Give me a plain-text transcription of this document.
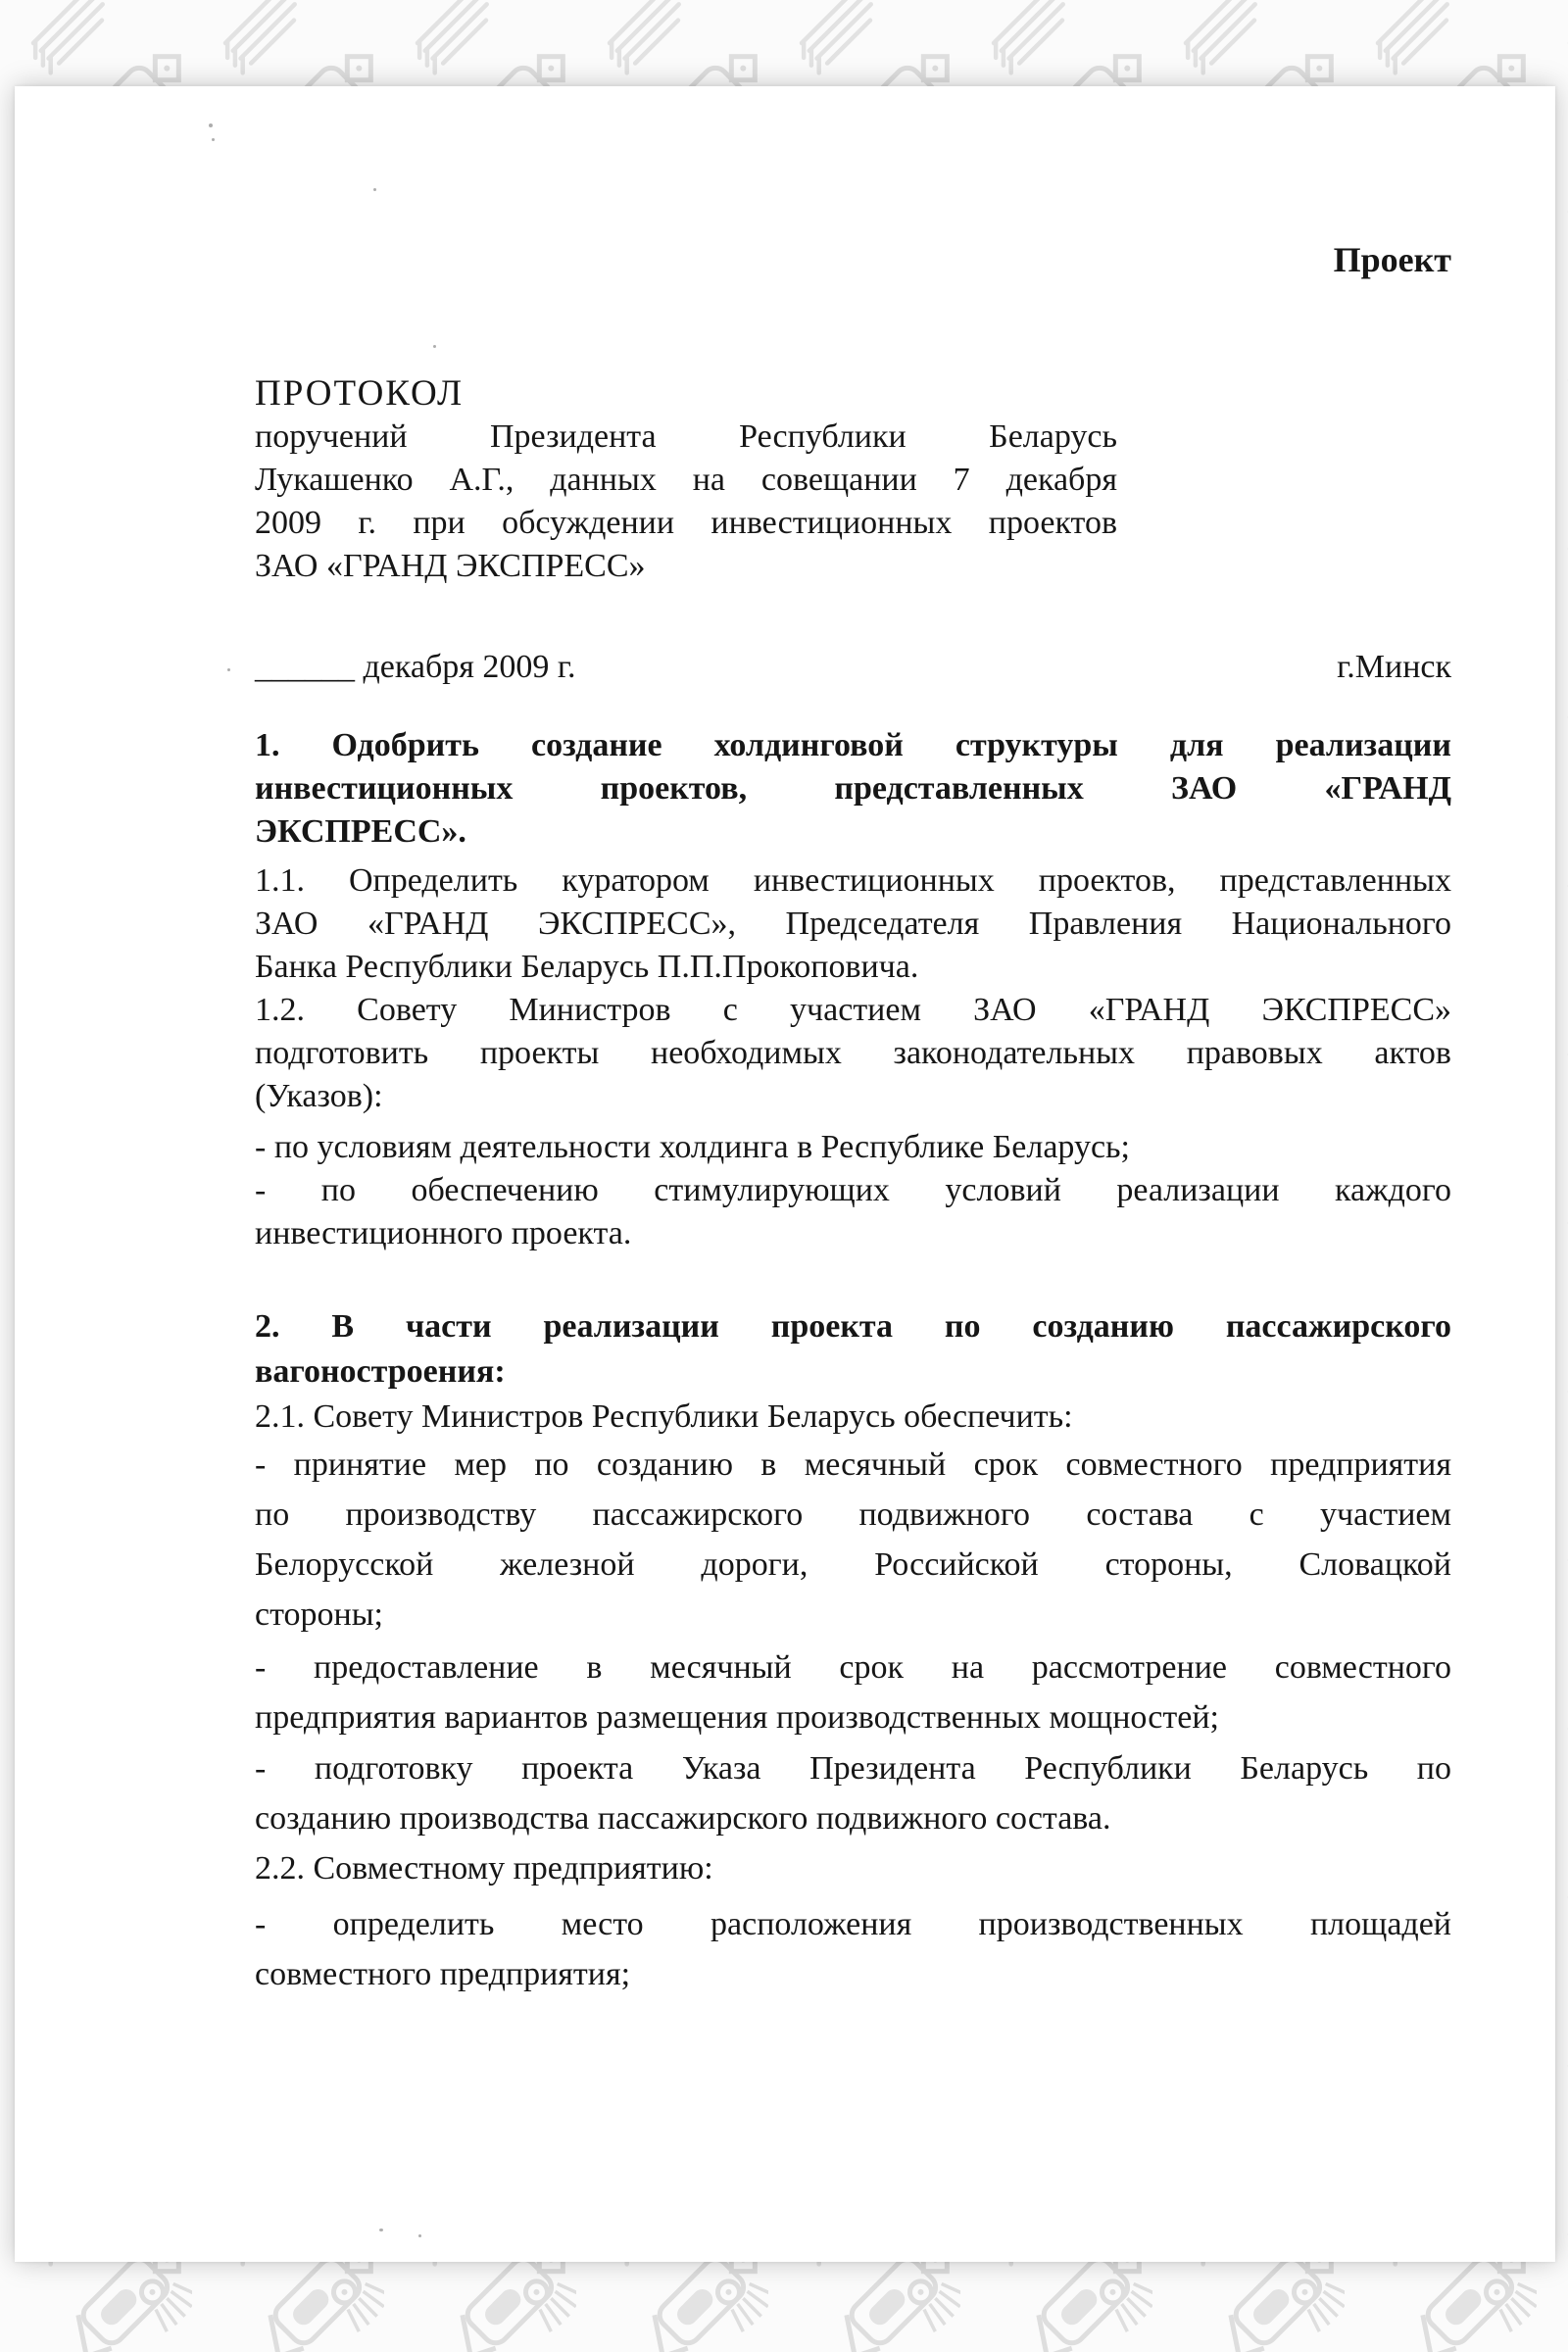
Проект
ПРОТОКОЛ
поручений Президента Республики Беларусь
Лукашенко А.Г., данных на совещании 7 декабря
2009 г. при обсуждении инвестиционных проектов
ЗАО «ГРАНД ЭКСПРЕСС»
______ декабря 2009 г.	г.Минск
1. Одобрить создание холдинговой структуры для реализации
инвестиционных проектов, представленных ЗАО «ГРАНД
ЭКСПРЕСС».
1.1. Определить куратором инвестиционных проектов, представленных
ЗАО «ГРАНД ЭКСПРЕСС», Председателя Правления Национального
Банка Республики Беларусь П.П.Прокоповича.
1.2. Совету Министров с участием ЗАО «ГРАНД ЭКСПРЕСС»
подготовить проекты необходимых законодательных правовых актов
(Указов):
- по условиям деятельности холдинга в Республике Беларусь;
- по обеспечению стимулирующих условий реализации каждого
инвестиционного проекта.
2. В части реализации проекта по созданию пассажирского
вагоностроения:
2.1. Совету Министров Республики Беларусь обеспечить:
- принятие мер по созданию в месячный срок совместного предприятия
по производству пассажирского подвижного состава с участием
Белорусской железной дороги, Российской стороны, Словацкой
стороны;
- предоставление в месячный срок на рассмотрение совместного
предприятия вариантов размещения производственных мощностей;
- подготовку проекта Указа Президента Республики Беларусь по
созданию производства пассажирского подвижного состава.
2.2. Совместному предприятию:
- определить место расположения производственных площадей
совместного предприятия;
